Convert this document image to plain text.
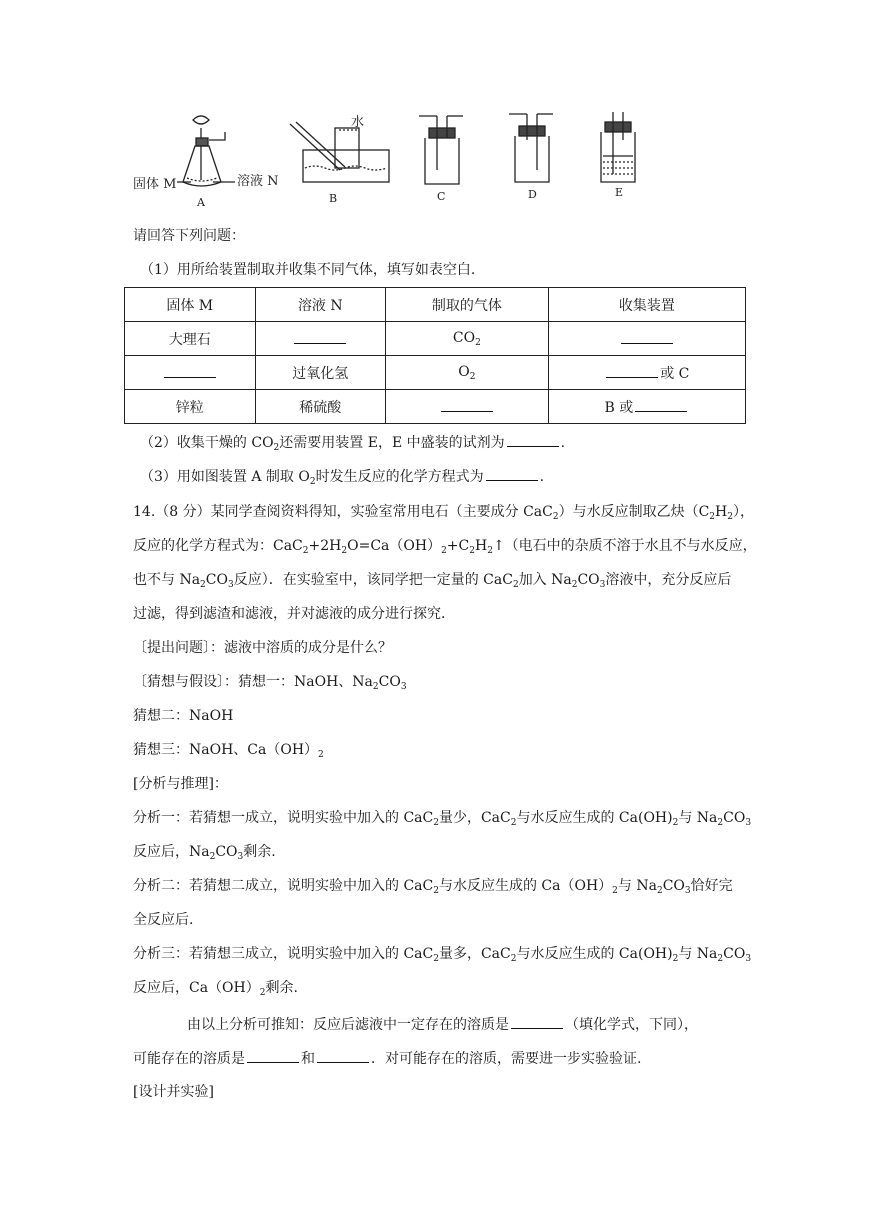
固体 M	溶液 N
A
水
B	C	D	E
请回答下列问题：
（1）用所给装置制取并收集不同气体，填写如表空白.
固体 M	溶液 N	制取的气体	收集装置
大理石		$CO_2$	
	过氧化氢	$O_2$	或 C
锌粒	稀硫酸		B 或
（2）收集干燥的 $CO_2$还需要用装置 E，E 中盛装的试剂为	.
（3）用如图装置 A 制取 $O_2$时发生反应的化学方程式为	.
14.（8 分）某同学查阅资料得知，实验室常用电石（主要成分 CaC$_2$）与水反应制取乙炔$(C_2H_2)$，
反应的化学方程式为：$CaC_2+2H_2O=Ca(OH)_2+C_2H_2↑$（电石中的杂质不溶于水且不与水反应，
也不与 $Na_2CO_3$反应）．在实验室中，该同学把一定量的 CaC$_2$加入 $Na_2CO_3$溶液中，充分反应后
过滤，得到滤渣和滤液，并对滤液的成分进行探究．
〔提出问题〕：滤液中溶质的成分是什么？
〔猜想与假设〕：猜想一：NaOH、$Na_2CO_3$
猜想二：NaOH
猜想三：NaOH、$Ca(OH)_2$
[分析与推理]：
分析一：若猜想一成立，说明实验中加入的 CaC$_2$量少，CaC$_2$与水反应生成的 $Ca(OH)_2$与 $Na_2CO_3$
反应后，$Na_2CO_3$剩余.
分析二：若猜想二成立，说明实验中加入的 CaC$_2$与水反应生成的 $Ca(OH)_2$与 $Na_2CO_3$恰好完
全反应后.
分析三：若猜想三成立，说明实验中加入的 CaC$_2$量多，CaC$_2$与水反应生成的 $Ca(OH)_2$与 $Na_2CO_3$
反应后，$Ca(OH)_2$剩余.
由以上分析可推知：反应后滤液中一定存在的溶质是	（填化学式，下同），
可能存在的溶质是	和	．对可能存在的溶质，需要进一步实验验证.
[设计并实验]
